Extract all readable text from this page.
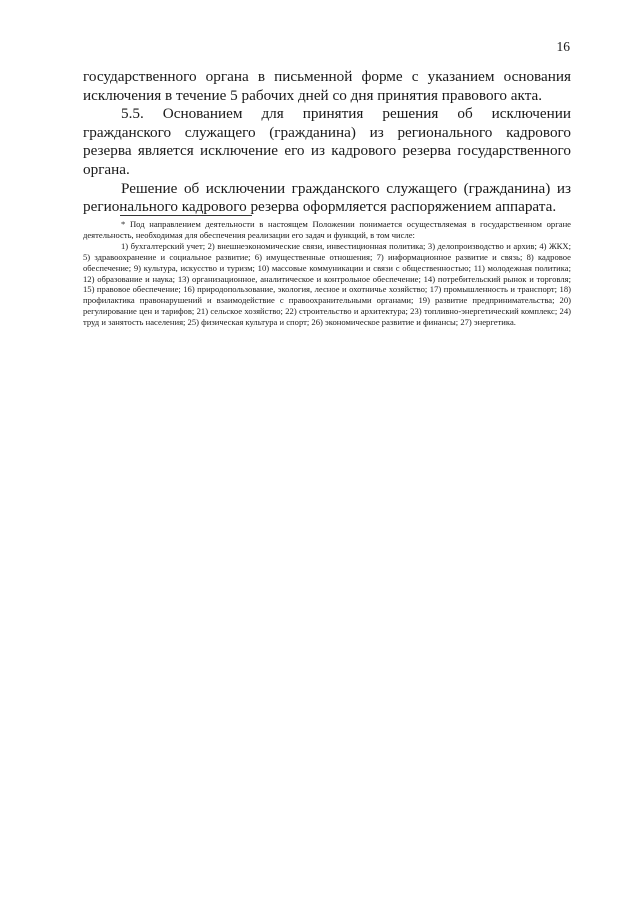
16

государственного органа в письменной форме с указанием основания исключения в течение 5 рабочих дней со дня принятия правового акта.

5.5. Основанием для принятия решения об исключении гражданского служащего (гражданина) из регионального кадрового резерва является исключение его из кадрового резерва государственного органа.

Решение об исключении гражданского служащего (гражданина) из регионального кадрового резерва оформляется распоряжением аппарата.

* Под направлением деятельности в настоящем Положении понимается осуществляемая в государственном органе деятельность, необходимая для обеспечения реализации его задач и функций, в том числе:

1) бухгалтерский учет; 2) внешнеэкономические связи, инвестиционная политика; 3) делопроизводство и архив; 4) ЖКХ; 5) здравоохранение и социальное развитие; 6) имущественные отношения; 7) информационное развитие и связь; 8) кадровое обеспечение; 9) культура, искусство и туризм; 10) массовые коммуникации и связи с общественностью; 11) молодежная политика; 12) образование и наука; 13) организационное, аналитическое и контрольное обеспечение; 14) потребительский рынок и торговля; 15) правовое обеспечение; 16) природопользование, экология, лесное и охотничье хозяйство; 17) промышленность и транспорт; 18) профилактика правонарушений и взаимодействие с правоохранительными органами; 19) развитие предпринимательства; 20) регулирование цен и тарифов; 21) сельское хозяйство; 22) строительство и архитектура; 23) топливно-энергетический комплекс; 24) труд и занятость населения; 25) физическая культура и спорт; 26) экономическое развитие и финансы; 27) энергетика.
